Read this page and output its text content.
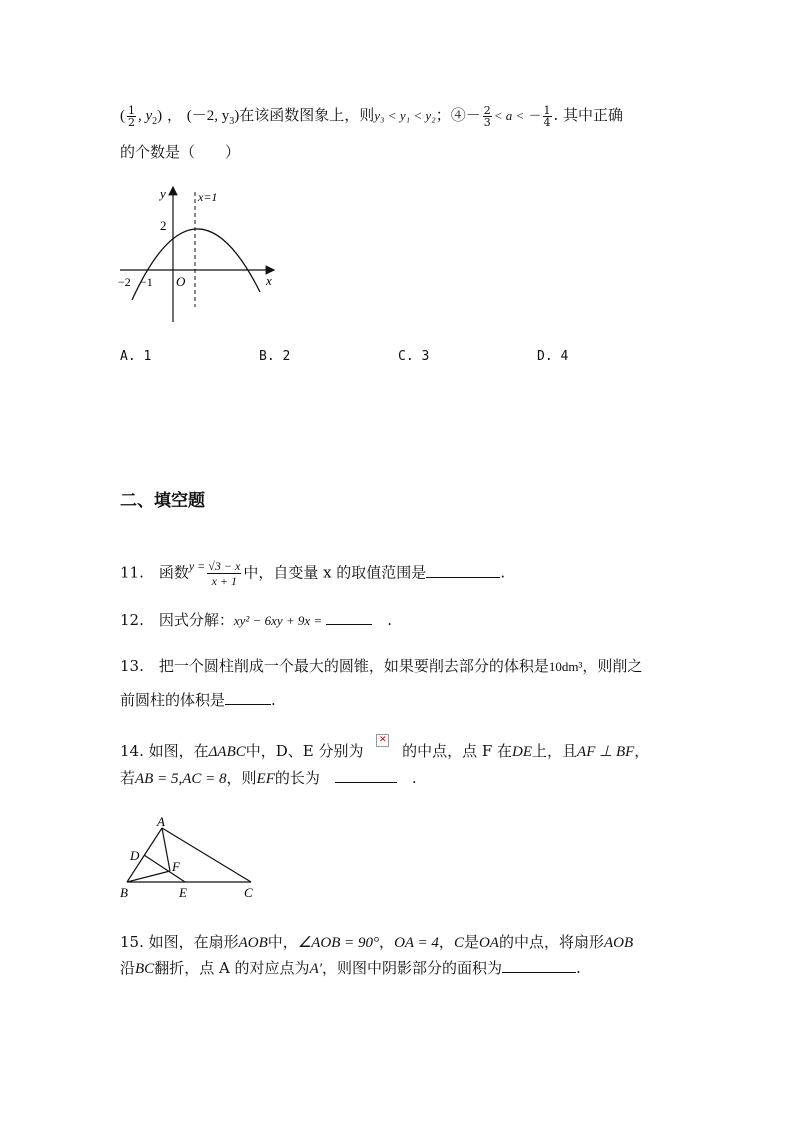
( $\frac{1}{2}$ , $y_2$) ， (－2, $y_3$)在该函数图象上，则y₃ < y₁ < y₂；④－ $\frac{2}{3} < a$ < － $\frac{1}{4}$ . 其中正确
的个数是（　　）
y
x
x=1
2
−2 −1 O
A. 1	B. 2	C. 3	D. 4
二、填空题
11.　函数$^{y =} \frac{√3 - x}{x + 1}$ 中，自变量 x 的取值范围是	.
12.　因式分解：xy² − 6xy + 9x =　	.
13.　把一个圆柱削成一个最大的圆锥，如果要削去部分的体积是10dm³，则削之
前圆柱的体积是	.
14. 如图，在ΔABC中，D、E 分别为 ✕ 的中点，点 F 在DE上，且AF ⊥ BF，
若AB = 5,AC = 8，则EF的长为　　	.
A
B	C
D
E
F
15. 如图，在扇形AOB中，∠AOB = 90°，OA = 4，C是OA的中点，将扇形AOB
沿BC翻折，点 A 的对应点为A′，则图中阴影部分的面积为	.
